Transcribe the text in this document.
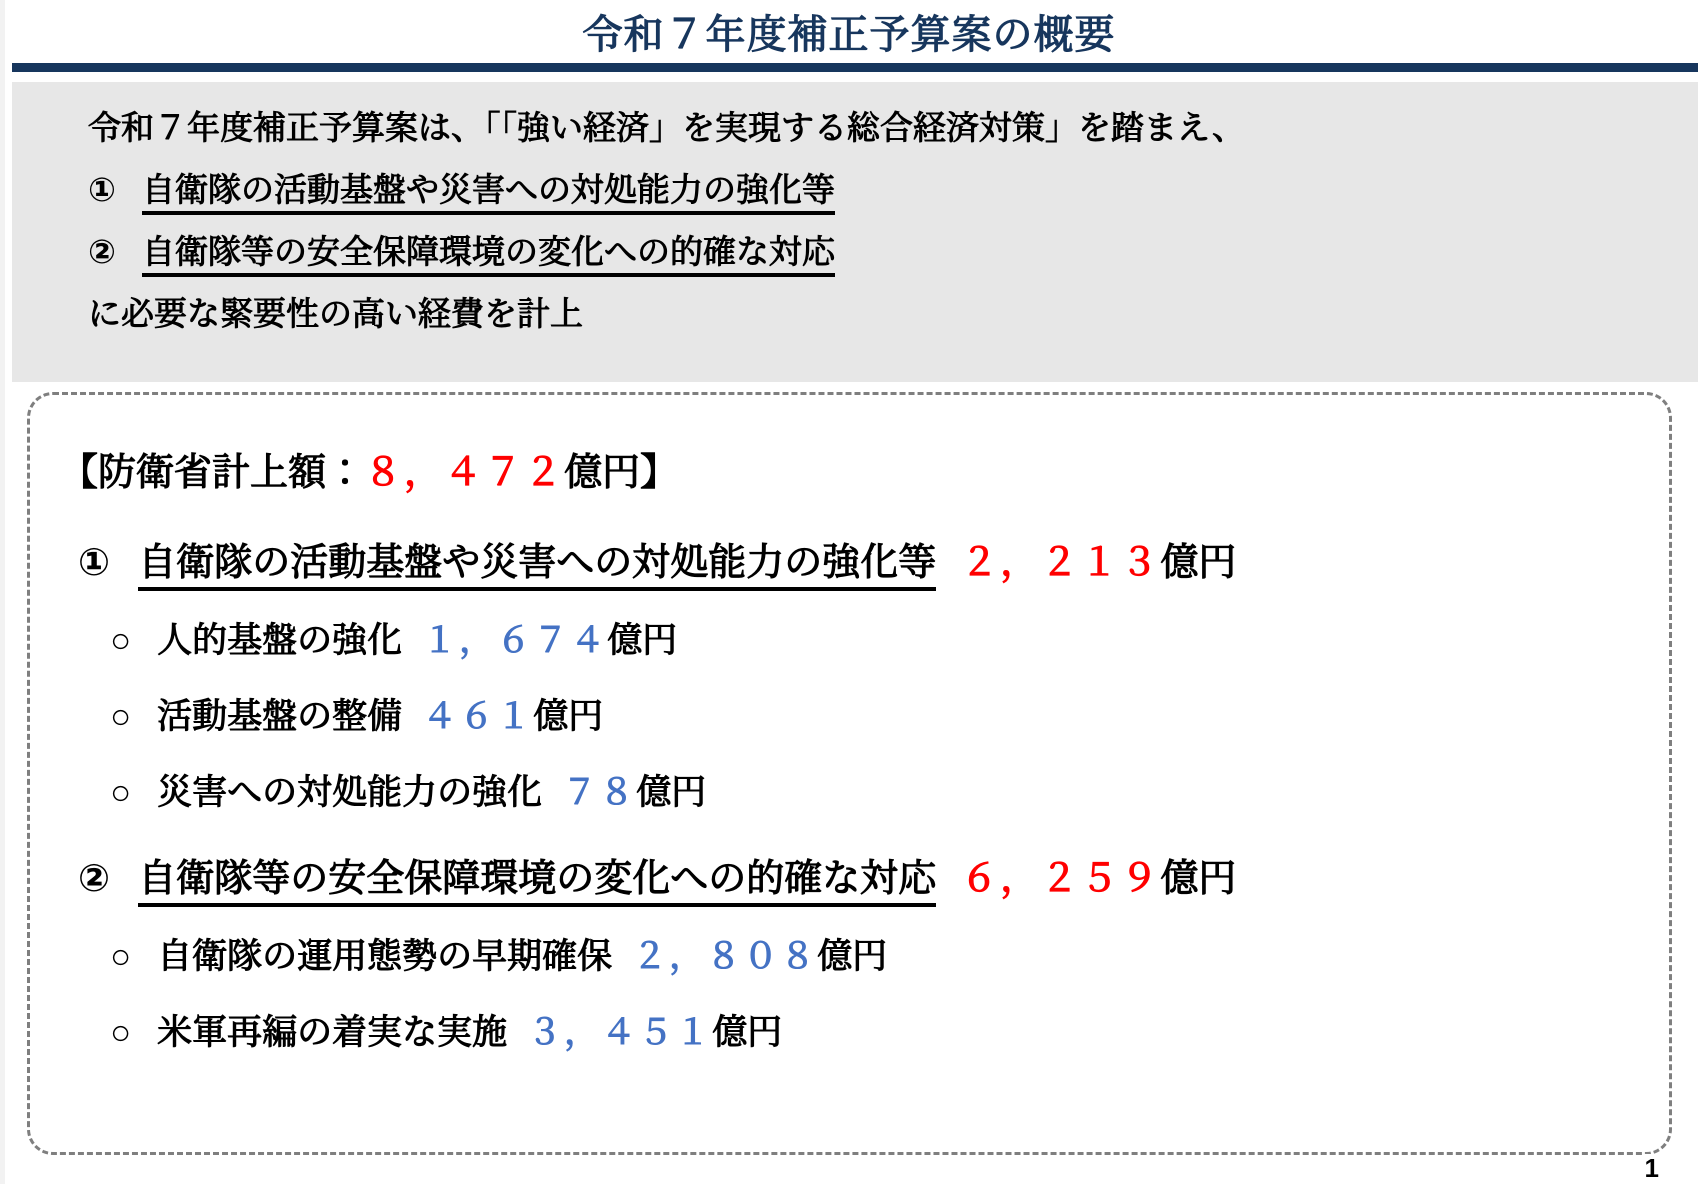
令和７年度補正予算案の概要

令和７年度補正予算案は、「「強い経済」を実現する総合経済対策」を踏まえ、

① 自衛隊の活動基盤や災害への対処能力の強化等

② 自衛隊等の安全保障環境の変化への的確な対応

に必要な緊要性の高い経費を計上

【防衛省計上額：８，４７２億円】

① 自衛隊の活動基盤や災害への対処能力の強化等 ２，２１３億円

○ 人的基盤の強化 １，６７４億円

○ 活動基盤の整備 ４６１億円

○ 災害への対処能力の強化 ７８億円

② 自衛隊等の安全保障環境の変化への的確な対応 ６，２５９億円

○ 自衛隊の運用態勢の早期確保 ２，８０８億円

○ 米軍再編の着実な実施 ３，４５１億円

1
